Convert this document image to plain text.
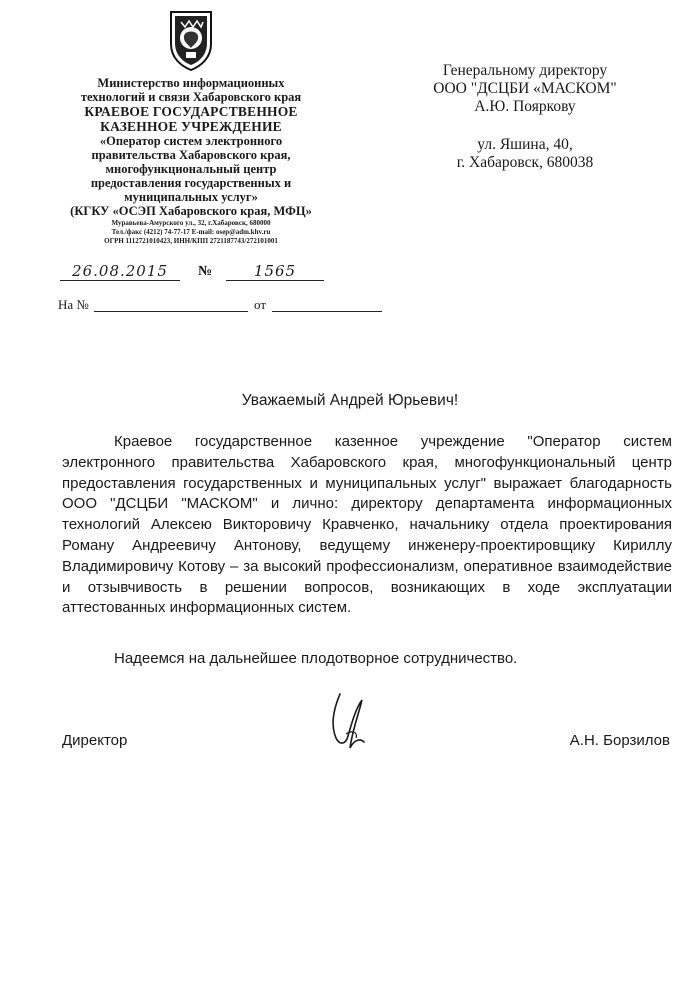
Министерство информационных
технологий и связи Хабаровского края
КРАЕВОЕ ГОСУДАРСТВЕННОЕ
КАЗЕННОЕ УЧРЕЖДЕНИЕ
«Оператор систем электронного
правительства Хабаровского края,
многофункциональный центр
предоставления государственных и
муниципальных услуг»
(КГКУ «ОСЭП Хабаровского края, МФЦ»
Муравьева-Амурского ул., 32, г.Хабаровск, 680000
Тел./факс (4212) 74-77-17 E-mail: osep@adm.khv.ru
ОГРН 1112721010423, ИНН/КПП 2721187743/272101001
26.08.2015	№	1565
На №	от
Генеральному директору
ООО "ДСЦБИ «МАСКОМ"
А.Ю. Пояркову
ул. Яшина, 40,
г. Хабаровск, 680038
Уважаемый Андрей Юрьевич!

Краевое государственное казенное учреждение "Оператор систем электронного правительства Хабаровского края, многофункциональный центр предоставления государственных и муниципальных услуг" выражает благодарность ООО "ДСЦБИ "МАСКОМ" и лично: директору департамента информационных технологий Алексею Викторовичу Кравченко, начальнику отдела проектирования Роману Андреевичу Антонову, ведущему инженеру-проектировщику Кириллу Владимировичу Котову – за высокий профессионализм, оперативное взаимодействие и отзывчивость в решении вопросов, возникающих в ходе эксплуатации аттестованных информационных систем.

Надеемся на дальнейшее плодотворное сотрудничество.
Директор	А.Н. Борзилов
